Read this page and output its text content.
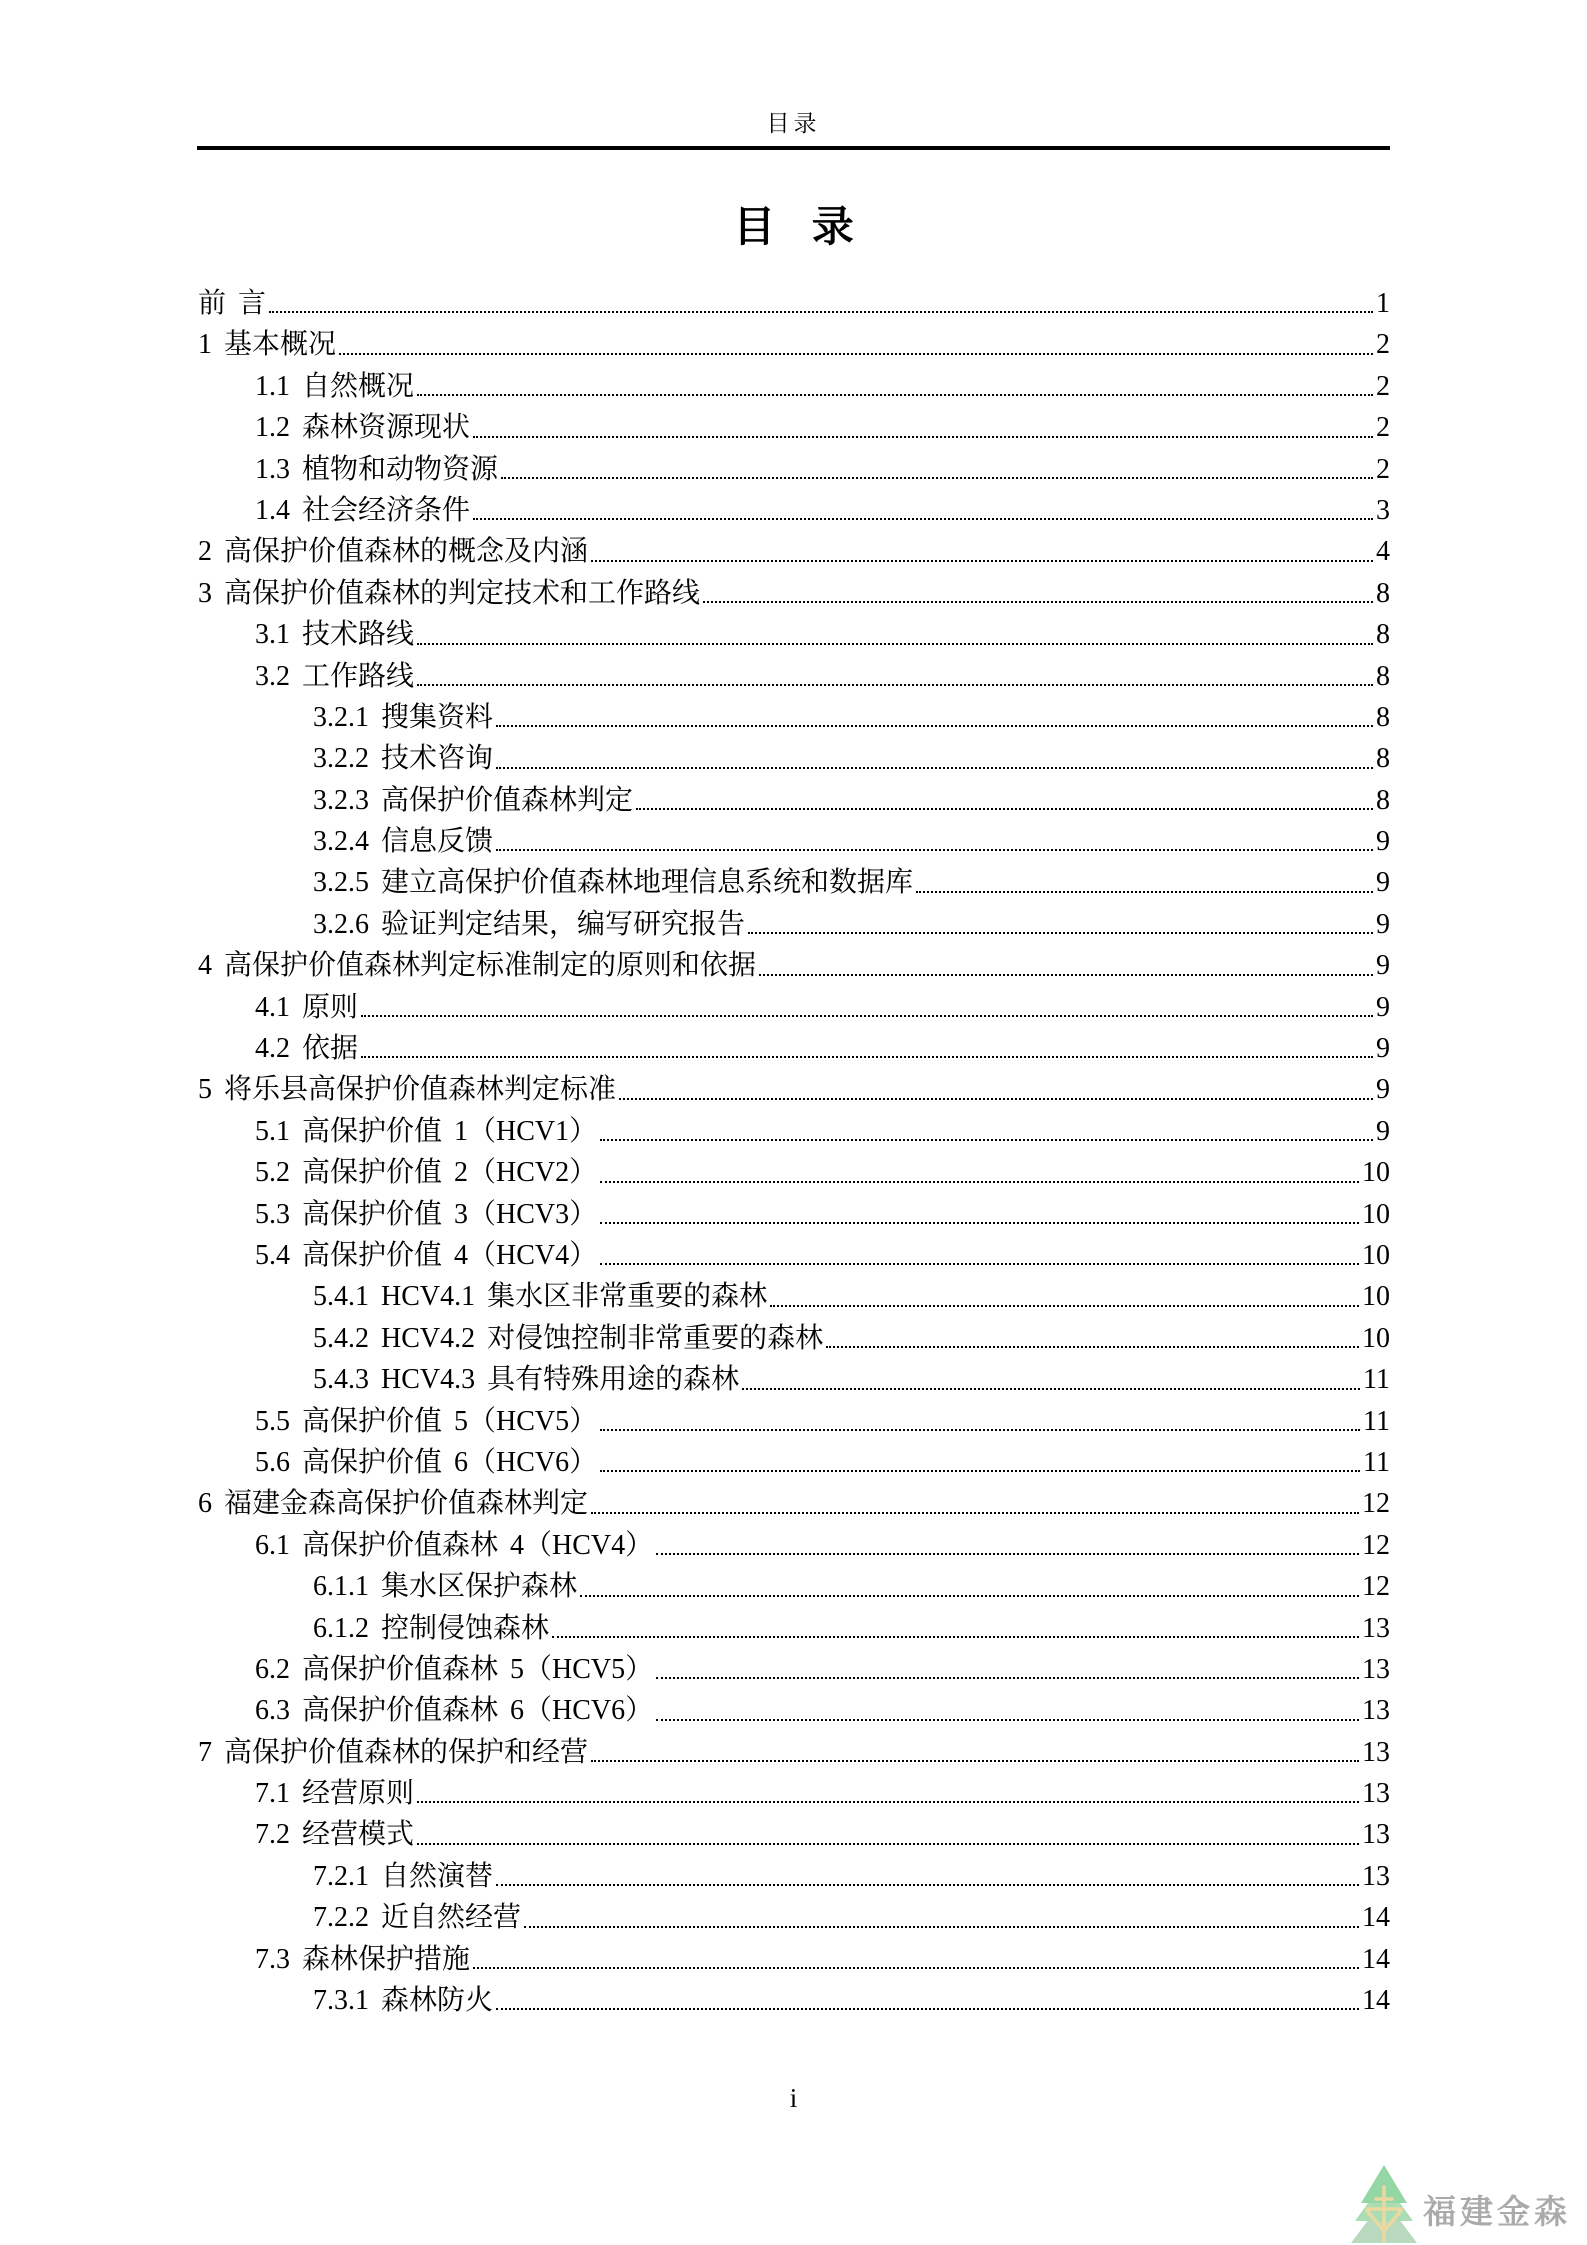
目录
目 录
前 言	1
1 基本概况	2
1.1 自然概况	2
1.2 森林资源现状	2
1.3 植物和动物资源	2
1.4 社会经济条件	3
2 高保护价值森林的概念及内涵	4
3 高保护价值森林的判定技术和工作路线	8
3.1 技术路线	8
3.2 工作路线	8
3.2.1 搜集资料	8
3.2.2 技术咨询	8
3.2.3 高保护价值森林判定	8
3.2.4 信息反馈	9
3.2.5 建立高保护价值森林地理信息系统和数据库	9
3.2.6 验证判定结果，编写研究报告	9
4 高保护价值森林判定标准制定的原则和依据	9
4.1 原则	9
4.2 依据	9
5 将乐县高保护价值森林判定标准	9
5.1 高保护价值 1（HCV1）	9
5.2 高保护价值 2（HCV2）	10
5.3 高保护价值 3（HCV3）	10
5.4 高保护价值 4（HCV4）	10
5.4.1 HCV4.1 集水区非常重要的森林	10
5.4.2 HCV4.2 对侵蚀控制非常重要的森林	10
5.4.3 HCV4.3 具有特殊用途的森林	11
5.5 高保护价值 5（HCV5）	11
5.6 高保护价值 6（HCV6）	11
6 福建金森高保护价值森林判定	12
6.1 高保护价值森林 4（HCV4）	12
6.1.1 集水区保护森林	12
6.1.2 控制侵蚀森林	13
6.2 高保护价值森林 5（HCV5）	13
6.3 高保护价值森林 6（HCV6）	13
7 高保护价值森林的保护和经营	13
7.1 经营原则	13
7.2 经营模式	13
7.2.1 自然演替	13
7.2.2 近自然经营	14
7.3 森林保护措施	14
7.3.1 森林防火	14
i
福建金森
